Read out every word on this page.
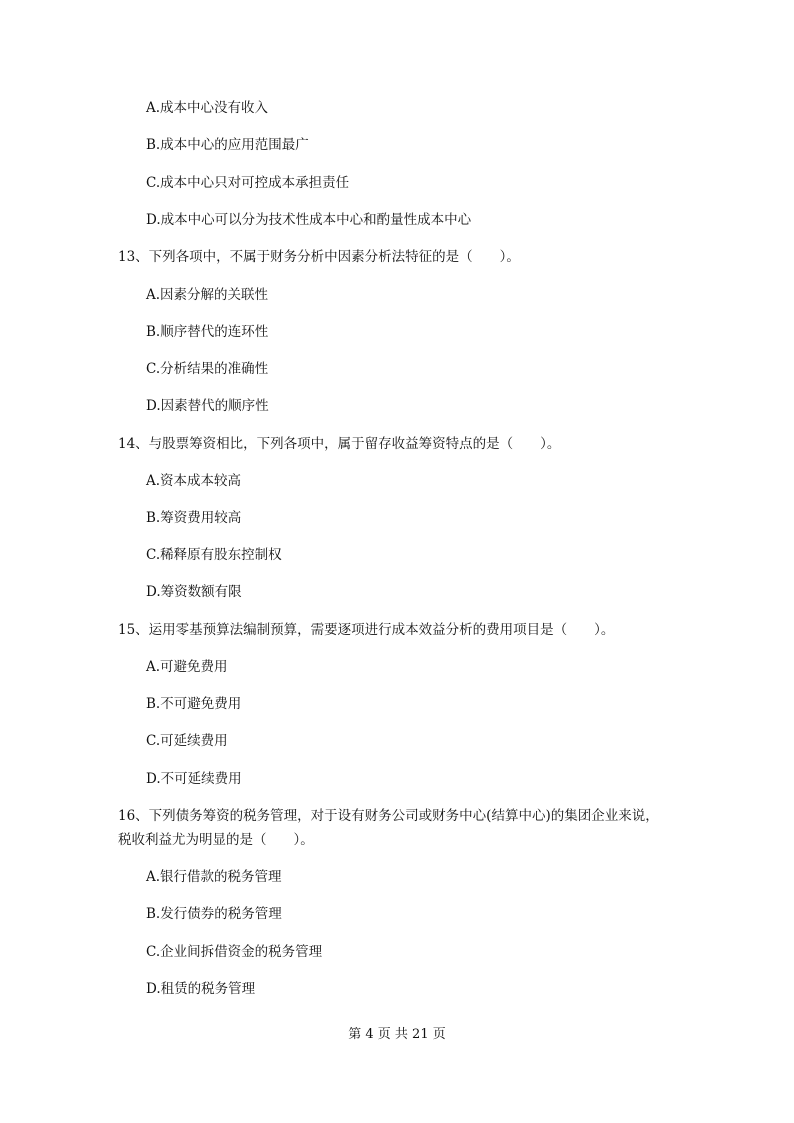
A.成本中心没有收入
B.成本中心的应用范围最广
C.成本中心只对可控成本承担责任
D.成本中心可以分为技术性成本中心和酌量性成本中心
13、下列各项中，不属于财务分析中因素分析法特征的是（　　）。
A.因素分解的关联性
B.顺序替代的连环性
C.分析结果的准确性
D.因素替代的顺序性
14、与股票筹资相比，下列各项中，属于留存收益筹资特点的是（　　）。
A.资本成本较高
B.筹资费用较高
C.稀释原有股东控制权
D.筹资数额有限
15、运用零基预算法编制预算，需要逐项进行成本效益分析的费用项目是（　　）。
A.可避免费用
B.不可避免费用
C.可延续费用
D.不可延续费用
16、下列债务筹资的税务管理，对于设有财务公司或财务中心(结算中心)的集团企业来说，
税收利益尤为明显的是（　　）。
A.银行借款的税务管理
B.发行债券的税务管理
C.企业间拆借资金的税务管理
D.租赁的税务管理
第 4 页 共 21 页
